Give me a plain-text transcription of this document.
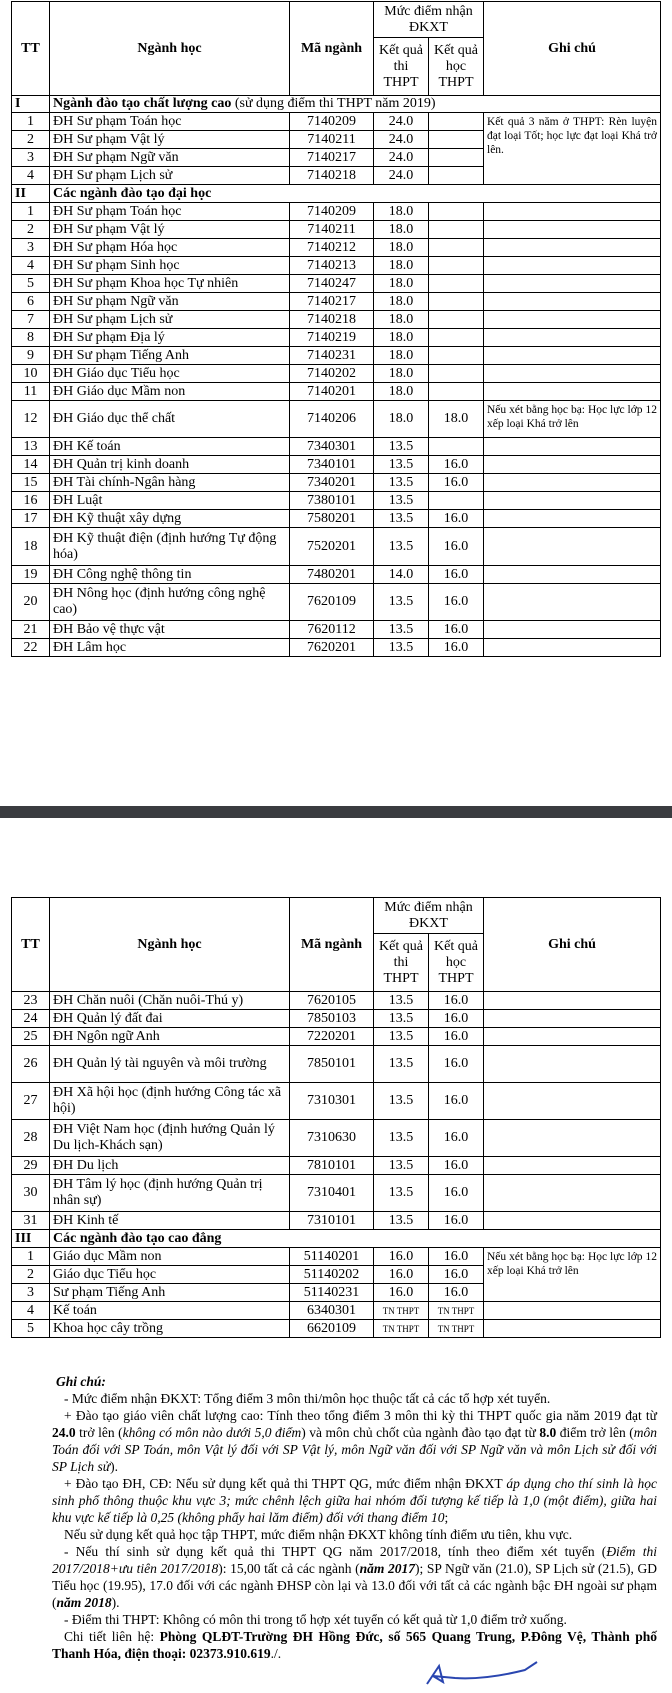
TT	Ngành học	Mã ngành	Mức điểm nhận ĐKXT		Ghi chú
			Kết quả thi THPT	Kết quả học THPT	
I	Ngành đào tạo chất lượng cao (sử dụng điểm thi THPT năm 2019)				
1	ĐH Sư phạm Toán học	7140209	24.0		Kết quả 3 năm ở THPT: Rèn luyện đạt loại Tốt; học lực đạt loại Khá trở lên.
2	ĐH Sư phạm Vật lý	7140211	24.0		
3	ĐH Sư phạm Ngữ văn	7140217	24.0		
4	ĐH Sư phạm Lịch sử	7140218	24.0		
II	Các ngành đào tạo đại học				
1	ĐH Sư phạm Toán học	7140209	18.0		
2	ĐH Sư phạm Vật lý	7140211	18.0		
3	ĐH Sư phạm Hóa học	7140212	18.0		
4	ĐH Sư phạm Sinh học	7140213	18.0		
5	ĐH Sư phạm Khoa học Tự nhiên	7140247	18.0		
6	ĐH Sư phạm Ngữ văn	7140217	18.0		
7	ĐH Sư phạm Lịch sử	7140218	18.0		
8	ĐH Sư phạm Địa lý	7140219	18.0		
9	ĐH Sư phạm Tiếng Anh	7140231	18.0		
10	ĐH Giáo dục Tiểu học	7140202	18.0		
11	ĐH Giáo dục Mầm non	7140201	18.0		
12	ĐH Giáo dục thể chất	7140206	18.0	18.0	Nếu xét bằng học bạ: Học lực lớp 12 xếp loại Khá trở lên
13	ĐH Kế toán	7340301	13.5		
14	ĐH Quản trị kinh doanh	7340101	13.5	16.0	
15	ĐH Tài chính-Ngân hàng	7340201	13.5	16.0	
16	ĐH Luật	7380101	13.5		
17	ĐH Kỹ thuật xây dựng	7580201	13.5	16.0	
18	ĐH Kỹ thuật điện (định hướng Tự động hóa)	7520201	13.5	16.0	
19	ĐH Công nghệ thông tin	7480201	14.0	16.0	
20	ĐH Nông học (định hướng công nghệ cao)	7620109	13.5	16.0	
21	ĐH Bảo vệ thực vật	7620112	13.5	16.0	
22	ĐH Lâm học	7620201	13.5	16.0	
TT	Ngành học	Mã ngành	Mức điểm nhận ĐKXT		Ghi chú
			Kết quả thi THPT	Kết quả học THPT	
23	ĐH Chăn nuôi (Chăn nuôi-Thú y)	7620105	13.5	16.0	
24	ĐH Quản lý đất đai	7850103	13.5	16.0	
25	ĐH Ngôn ngữ Anh	7220201	13.5	16.0	
26	ĐH Quản lý tài nguyên và môi trường	7850101	13.5	16.0	
27	ĐH Xã hội học (định hướng Công tác xã hội)	7310301	13.5	16.0	
28	ĐH Việt Nam học (định hướng Quản lý Du lịch-Khách sạn)	7310630	13.5	16.0	
29	ĐH Du lịch	7810101	13.5	16.0	
30	ĐH Tâm lý học (định hướng Quản trị nhân sự)	7310401	13.5	16.0	
31	ĐH Kinh tế	7310101	13.5	16.0	
III	Các ngành đào tạo cao đẳng				
1	Giáo dục Mầm non	51140201	16.0	16.0	Nếu xét bằng học bạ: Học lực lớp 12 xếp loại Khá trở lên
2	Giáo dục Tiểu học	51140202	16.0	16.0	
3	Sư phạm Tiếng Anh	51140231	16.0	16.0	
4	Kế toán	6340301	TN THPT	TN THPT	
5	Khoa học cây trồng	6620109	TN THPT	TN THPT	

Ghi chú:

- Mức điểm nhận ĐKXT: Tổng điểm 3 môn thi/môn học thuộc tất cả các tổ hợp xét tuyển.

+ Đào tạo giáo viên chất lượng cao: Tính theo tổng điểm 3 môn thi kỳ thi THPT quốc gia năm 2019 đạt từ 24.0 trở lên (không có môn nào dưới 5,0 điểm) và môn chủ chốt của ngành đào tạo đạt từ 8.0 điểm trở lên (môn Toán đối với SP Toán, môn Vật lý đối với SP Vật lý, môn Ngữ văn đối với SP Ngữ văn và môn Lịch sử đối với SP Lịch sử).

+ Đào tạo ĐH, CĐ: Nếu sử dụng kết quả thi THPT QG, mức điểm nhận ĐKXT áp dụng cho thí sinh là học sinh phổ thông thuộc khu vực 3; mức chênh lệch giữa hai nhóm đối tượng kế tiếp là 1,0 (một điểm), giữa hai khu vực kế tiếp là 0,25 (không phẩy hai lăm điểm) đối với thang điểm 10;

Nếu sử dụng kết quả học tập THPT, mức điểm nhận ĐKXT không tính điểm ưu tiên, khu vực.

- Nếu thí sinh sử dụng kết quả thi THPT QG năm 2017/2018, tính theo điểm xét tuyển (Điểm thi 2017/2018+ưu tiên 2017/2018): 15,00 tất cả các ngành (năm 2017); SP Ngữ văn (21.0), SP Lịch sử (21.5), GD Tiểu học (19.95), 17.0 đối với các ngành ĐHSP còn lại và 13.0 đối với tất cả các ngành bậc ĐH ngoài sư phạm (năm 2018).

- Điểm thi THPT: Không có môn thi trong tổ hợp xét tuyển có kết quả từ 1,0 điểm trở xuống.

Chi tiết liên hệ: Phòng QLĐT-Trường ĐH Hồng Đức, số 565 Quang Trung, P.Đông Vệ, Thành phố Thanh Hóa, điện thoại: 02373.910.619./.
